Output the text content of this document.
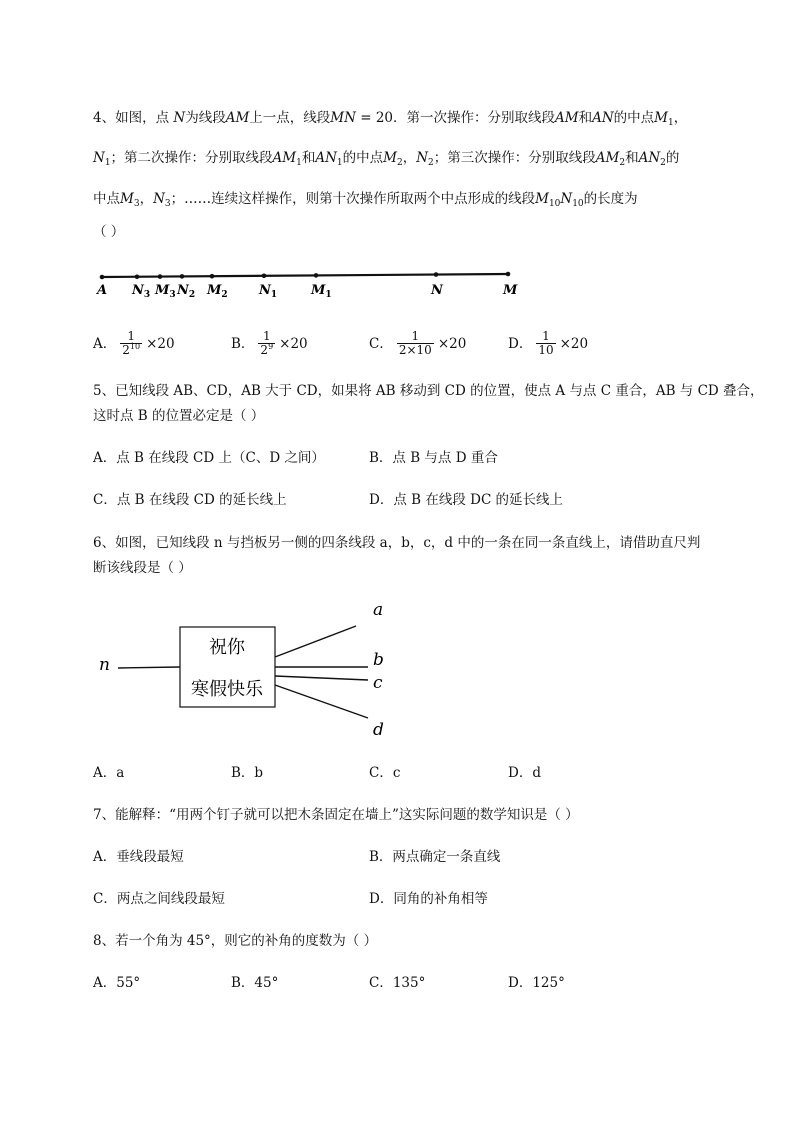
4、如图，点 N为线段AM上一点，线段MN = 20．第一次操作：分别取线段AM和AN的中点$M_1$，
$N_1$；第二次操作：分别取线段$AM_1$和$AN_1$的中点$M_2$，$N_2$；第三次操作：分别取线段$AM_2$和$AN_2$的
中点$M_3$，$N_3$；……连续这样操作，则第十次操作所取两个中点形成的线段$M_{10}N_{10}$的长度为
（ ）
A $N_3$ $M_3$ $N_2$ $M_2$ $N_1$	$M_1$	N	M
A． $\frac{1}{2^{10}} \times 20$	B． $\frac{1}{2^9} \times 20$	C． $\frac{1}{2\times 10} \times 20$	D． $\frac{1}{10} \times 20$
5、已知线段 AB、CD，AB 大于 CD，如果将 AB 移动到 CD 的位置，使点 A 与点 C 重合，AB 与 CD 叠合，
这时点 B 的位置必定是（ ）
A．点 B 在线段 CD 上（C、D 之间）	B．点 B 与点 D 重合
C．点 B 在线段 CD 的延长线上	D．点 B 在线段 DC 的延长线上
6、如图，已知线段 n 与挡板另一侧的四条线段 a，b，c，d 中的一条在同一条直线上，请借助直尺判
断该线段是（ ）
n
祝你
寒假快乐
a
b
c
d
A．a	B．b	C．c	D．d
7、能解释：“用两个钉子就可以把木条固定在墙上”这实际问题的数学知识是（ ）
A．垂线段最短	B．两点确定一条直线
C．两点之间线段最短	D．同角的补角相等
8、若一个角为 45°，则它的补角的度数为（ ）
A．55°	B．45°	C．135°	D．125°
